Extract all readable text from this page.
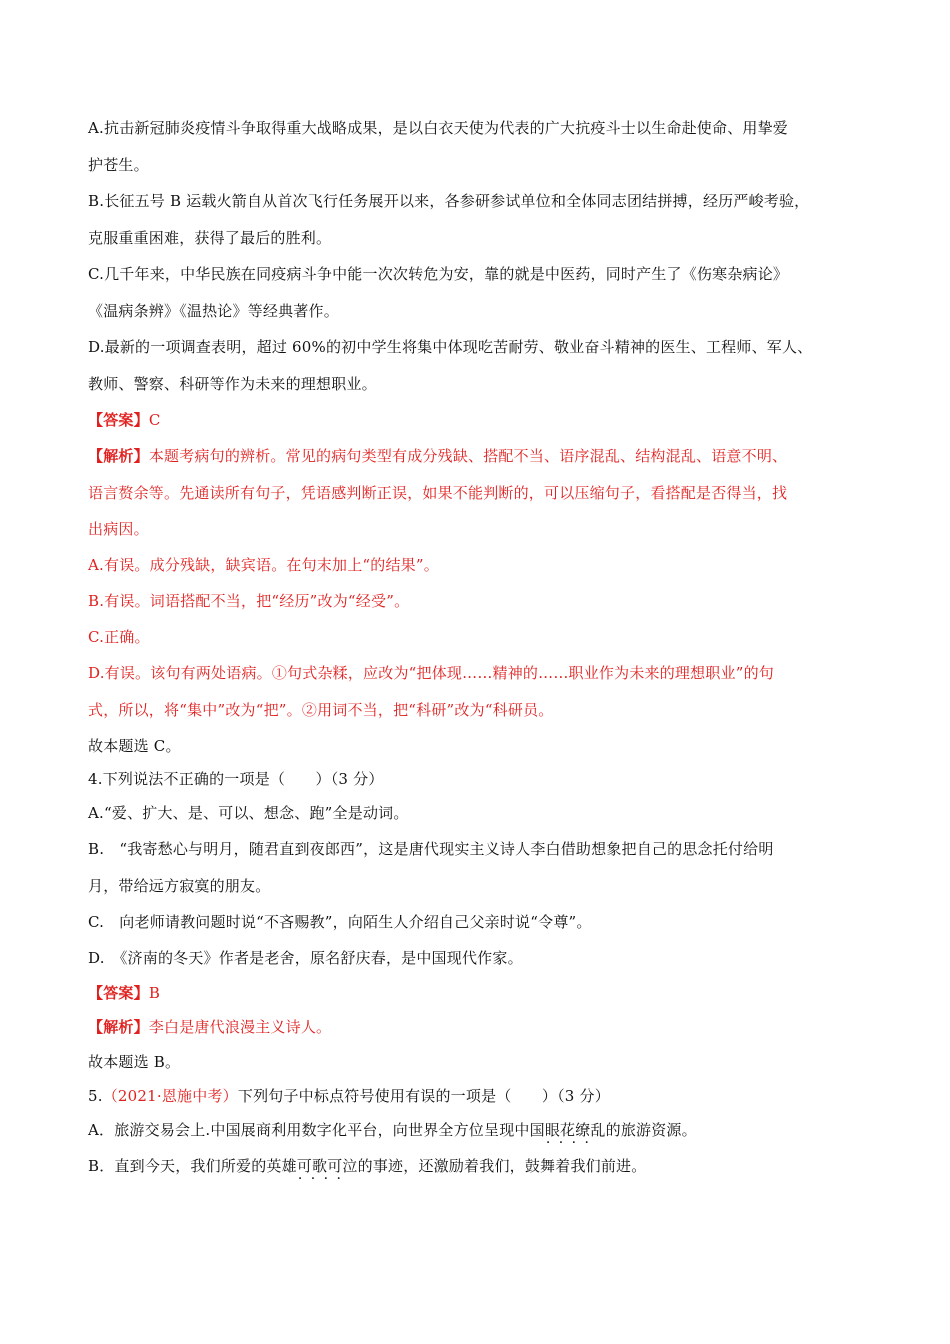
A.抗击新冠肺炎疫情斗争取得重大战略成果，是以白衣天使为代表的广大抗疫斗士以生命赴使命、用挚爱
护苍生。
B.长征五号 B 运载火箭自从首次飞行任务展开以来，各参研参试单位和全体同志团结拼搏，经历严峻考验，
克服重重困难，获得了最后的胜利。
C.几千年来，中华民族在同疫病斗争中能一次次转危为安，靠的就是中医药，同时产生了《伤寒杂病论》
《温病条辨》《温热论》等经典著作。
D.最新的一项调查表明，超过 60%的初中学生将集中体现吃苦耐劳、敬业奋斗精神的医生、工程师、军人、
教师、警察、科研等作为未来的理想职业。
【答案】C
【解析】本题考病句的辨析。常见的病句类型有成分残缺、搭配不当、语序混乱、结构混乱、语意不明、
语言赘余等。先通读所有句子，凭语感判断正误，如果不能判断的，可以压缩句子，看搭配是否得当，找
出病因。
A.有误。成分残缺，缺宾语。在句末加上“的结果”。
B.有误。词语搭配不当，把“经历”改为“经受”。
C.正确。
D.有误。该句有两处语病。①句式杂糅，应改为“把体现……精神的……职业作为未来的理想职业”的句
式，所以，将“集中”改为“把”。②用词不当，把“科研”改为“科研员。
故本题选 C。
4.下列说法不正确的一项是（　　）（3 分）
A.“爱、扩大、是、可以、想念、跑”全是动词。
B.　“我寄愁心与明月，随君直到夜郎西”，这是唐代现实主义诗人李白借助想象把自己的思念托付给明
月，带给远方寂寞的朋友。
C.　向老师请教问题时说“不吝赐教”，向陌生人介绍自己父亲时说“令尊”。
D.　《济南的冬天》作者是老舍，原名舒庆春，是中国现代作家。
【答案】B
【解析】李白是唐代浪漫主义诗人。
故本题选 B。
5.（2021·恩施中考）下列句子中标点符号使用有误的一项是（　　）（3 分）
A．旅游交易会上.中国展商利用数字化平台，向世界全方位呈现中国眼花缭乱 · ·的旅游资源。
B．直到今天，我们所爱的英雄可歌可泣 · ·的事迹，还激励着我们，鼓舞着我们前进。
